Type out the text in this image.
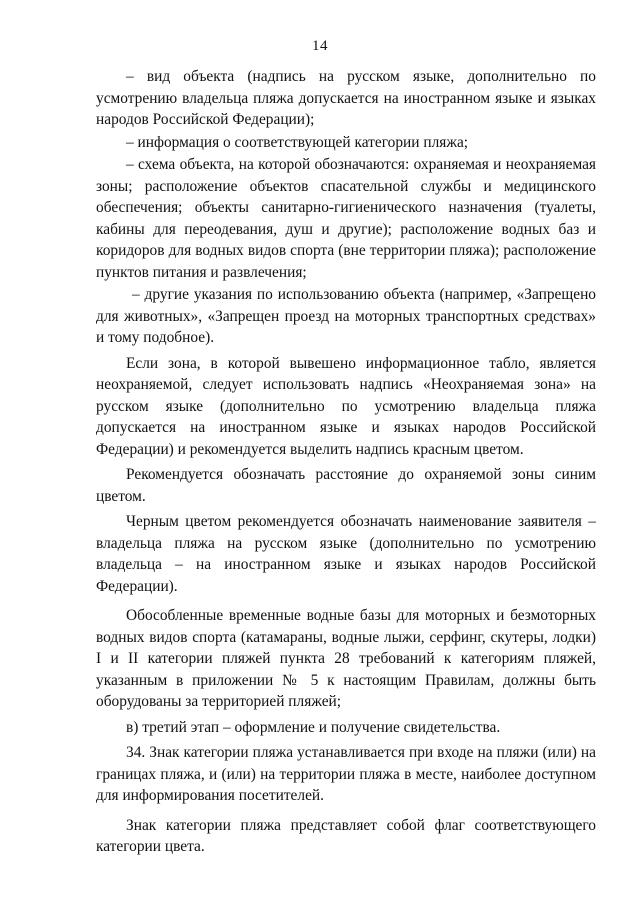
14

– вид объекта (надпись на русском языке, дополнительно по усмотрению владельца пляжа допускается на иностранном языке и языках народов Российской Федерации);

– информация о соответствующей категории пляжа;

– схема объекта, на которой обозначаются: охраняемая и неохраняемая зоны; расположение объектов спасательной службы и медицинского обеспечения; объекты санитарно-гигиенического назначения (туалеты, кабины для переодевания, душ и другие); расположение водных баз и коридоров для водных видов спорта (вне территории пляжа); расположение пунктов питания и развлечения;

– другие указания по использованию объекта (например, «Запрещено для животных», «Запрещен проезд на моторных транспортных средствах» и тому подобное).

Если зона, в которой вывешено информационное табло, является неохраняемой, следует использовать надпись «Неохраняемая зона» на русском языке (дополнительно по усмотрению владельца пляжа допускается на иностранном языке и языках народов Российской Федерации) и рекомендуется выделить надпись красным цветом.

Рекомендуется обозначать расстояние до охраняемой зоны синим цветом.

Черным цветом рекомендуется обозначать наименование заявителя – владельца пляжа на русском языке (дополнительно по усмотрению владельца – на иностранном языке и языках народов Российской Федерации).

Обособленные временные водные базы для моторных и безмоторных водных видов спорта (катамараны, водные лыжи, серфинг, скутеры, лодки) I и II категории пляжей пункта 28 требований к категориям пляжей, указанным в приложении № 5 к настоящим Правилам, должны быть оборудованы за территорией пляжей;

в) третий этап – оформление и получение свидетельства.

34. Знак категории пляжа устанавливается при входе на пляжи (или) на границах пляжа, и (или) на территории пляжа в месте, наиболее доступном для информирования посетителей.

Знак категории пляжа представляет собой флаг соответствующего категории цвета.
